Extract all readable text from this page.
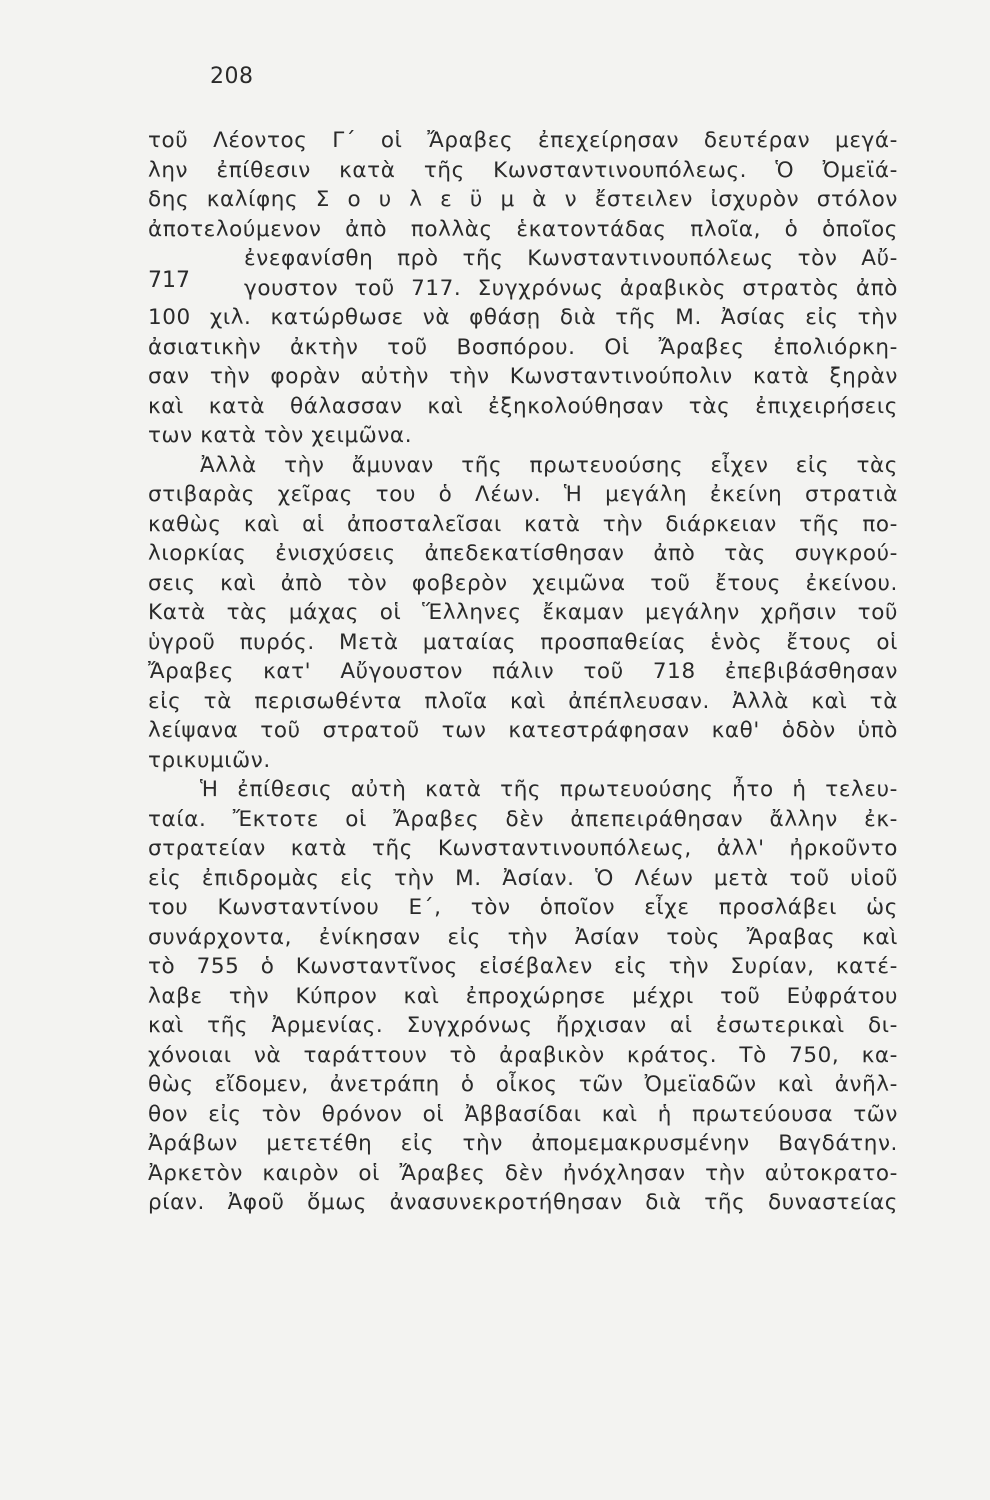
208
717
τοῦ Λέοντος Γ΄ οἱ Ἄραβες ἐπεχείρησαν δευτέραν μεγά-
λην ἐπίθεσιν κατὰ τῆς Κωνσταντινουπόλεως. Ὁ Ὀμεϊά-
δης καλίφης Σ ο υ λ ε ϋ μ ὰ ν ἔστειλεν ἰσχυρὸν στόλον
ἀποτελούμενον ἀπὸ πολλὰς ἑκατοντάδας πλοῖα, ὁ ὁποῖος
ἐνεφανίσθη πρὸ τῆς Κωνσταντινουπόλεως τὸν Αὔ-
γουστον τοῦ 717. Συγχρόνως ἀραβικὸς στρατὸς ἀπὸ
100 χιλ. κατώρθωσε νὰ φθάσῃ διὰ τῆς Μ. Ἀσίας εἰς τὴν
ἀσιατικὴν ἀκτὴν τοῦ Βοσπόρου. Οἱ Ἄραβες ἐπολιόρκη-
σαν τὴν φορὰν αὐτὴν τὴν Κωνσταντινούπολιν κατὰ ξηρὰν
καὶ κατὰ θάλασσαν καὶ ἐξηκολούθησαν τὰς ἐπιχειρήσεις
των κατὰ τὸν χειμῶνα.
Ἀλλὰ τὴν ἄμυναν τῆς πρωτευούσης εἶχεν εἰς τὰς
στιβαρὰς χεῖρας του ὁ Λέων. Ἡ μεγάλη ἐκείνη στρατιὰ
καθὼς καὶ αἱ ἀποσταλεῖσαι κατὰ τὴν διάρκειαν τῆς πο-
λιορκίας ἐνισχύσεις ἀπεδεκατίσθησαν ἀπὸ τὰς συγκρού-
σεις καὶ ἀπὸ τὸν φοβερὸν χειμῶνα τοῦ ἔτους ἐκείνου.
Κατὰ τὰς μάχας οἱ Ἕλληνες ἔκαμαν μεγάλην χρῆσιν τοῦ
ὑγροῦ πυρός. Μετὰ ματαίας προσπαθείας ἑνὸς ἔτους οἱ
Ἄραβες κατ' Αὔγουστον πάλιν τοῦ 718 ἐπεβιβάσθησαν
εἰς τὰ περισωθέντα πλοῖα καὶ ἀπέπλευσαν. Ἀλλὰ καὶ τὰ
λείψανα τοῦ στρατοῦ των κατεστράφησαν καθ' ὁδὸν ὑπὸ
τρικυμιῶν.
Ἡ ἐπίθεσις αὐτὴ κατὰ τῆς πρωτευούσης ἦτο ἡ τελευ-
ταία. Ἔκτοτε οἱ Ἄραβες δὲν ἀπεπειράθησαν ἄλλην ἐκ-
στρατείαν κατὰ τῆς Κωνσταντινουπόλεως, ἀλλ' ἠρκοῦντο
εἰς ἐπιδρομὰς εἰς τὴν Μ. Ἀσίαν. Ὁ Λέων μετὰ τοῦ υἱοῦ
του Κωνσταντίνου Ε΄, τὸν ὁποῖον εἶχε προσλάβει ὡς
συνάρχοντα, ἐνίκησαν εἰς τὴν Ἀσίαν τοὺς Ἄραβας καὶ
τὸ 755 ὁ Κωνσταντῖνος εἰσέβαλεν εἰς τὴν Συρίαν, κατέ-
λαβε τὴν Κύπρον καὶ ἐπροχώρησε μέχρι τοῦ Εὐφράτου
καὶ τῆς Ἀρμενίας. Συγχρόνως ἤρχισαν αἱ ἐσωτερικαὶ δι-
χόνοιαι νὰ ταράττουν τὸ ἀραβικὸν κράτος. Τὸ 750, κα-
θὼς εἴδομεν, ἀνετράπη ὁ οἶκος τῶν Ὀμεϊαδῶν καὶ ἀνῆλ-
θον εἰς τὸν θρόνον οἱ Ἀββασίδαι καὶ ἡ πρωτεύουσα τῶν
Ἀράβων μετετέθη εἰς τὴν ἀπομεμακρυσμένην Βαγδάτην.
Ἀρκετὸν καιρὸν οἱ Ἄραβες δὲν ἠνόχλησαν τὴν αὐτοκρατο-
ρίαν. Ἀφοῦ ὅμως ἀνασυνεκροτήθησαν διὰ τῆς δυναστείας
